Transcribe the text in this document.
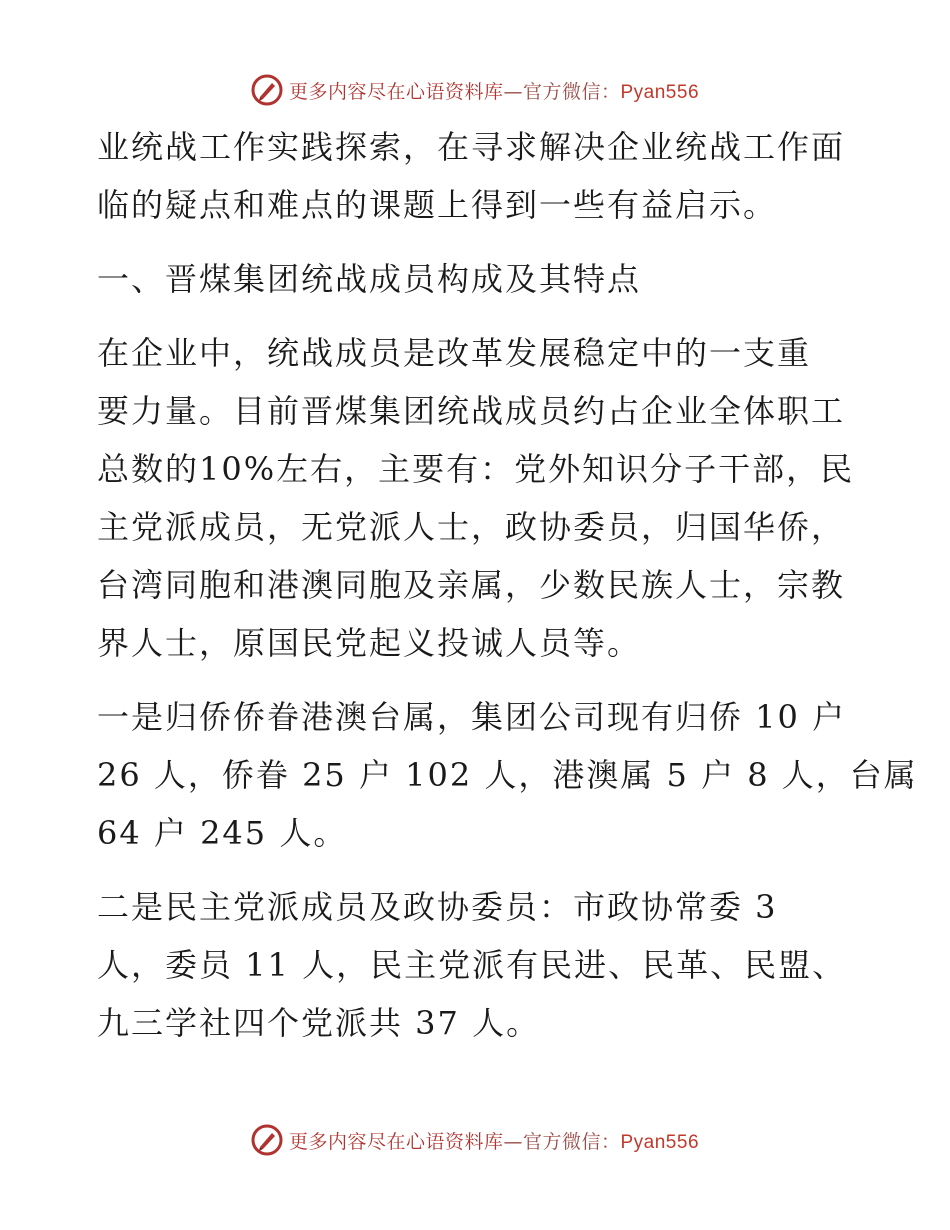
更多内容尽在心语资料库—官方微信：Pyan556

业统战工作实践探索，在寻求解决企业统战工作面
临的疑点和难点的课题上得到一些有益启示。

一、晋煤集团统战成员构成及其特点

在企业中，统战成员是改革发展稳定中的一支重
要力量。目前晋煤集团统战成员约占企业全体职工
总数的10%左右，主要有：党外知识分子干部，民
主党派成员，无党派人士，政协委员，归国华侨，
台湾同胞和港澳同胞及亲属，少数民族人士，宗教
界人士，原国民党起义投诚人员等。

一是归侨侨眷港澳台属，集团公司现有归侨 10 户
26 人，侨眷 25 户 102 人，港澳属 5 户 8 人，台属
64 户 245 人。

二是民主党派成员及政协委员：市政协常委 3
人，委员 11 人，民主党派有民进、民革、民盟、
九三学社四个党派共 37 人。

更多内容尽在心语资料库—官方微信：Pyan556
